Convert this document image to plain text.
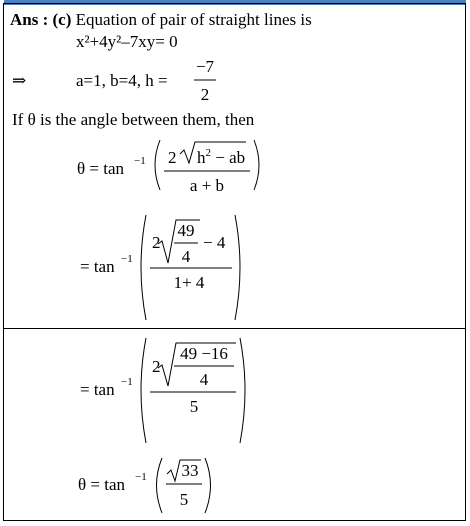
Ans : (c) Equation of pair of straight lines is
x²+4y²–7xy= 0
⇒	a=1, b=4, h =
If θ is the angle between them, then
−7
2
θ = tan −1 2 $h^2$ − ab
a + b
= tan −1
2
49
4
− 4
1+ 4
= tan −1
2
49 −16
4
5
θ = tan −1 33
5
